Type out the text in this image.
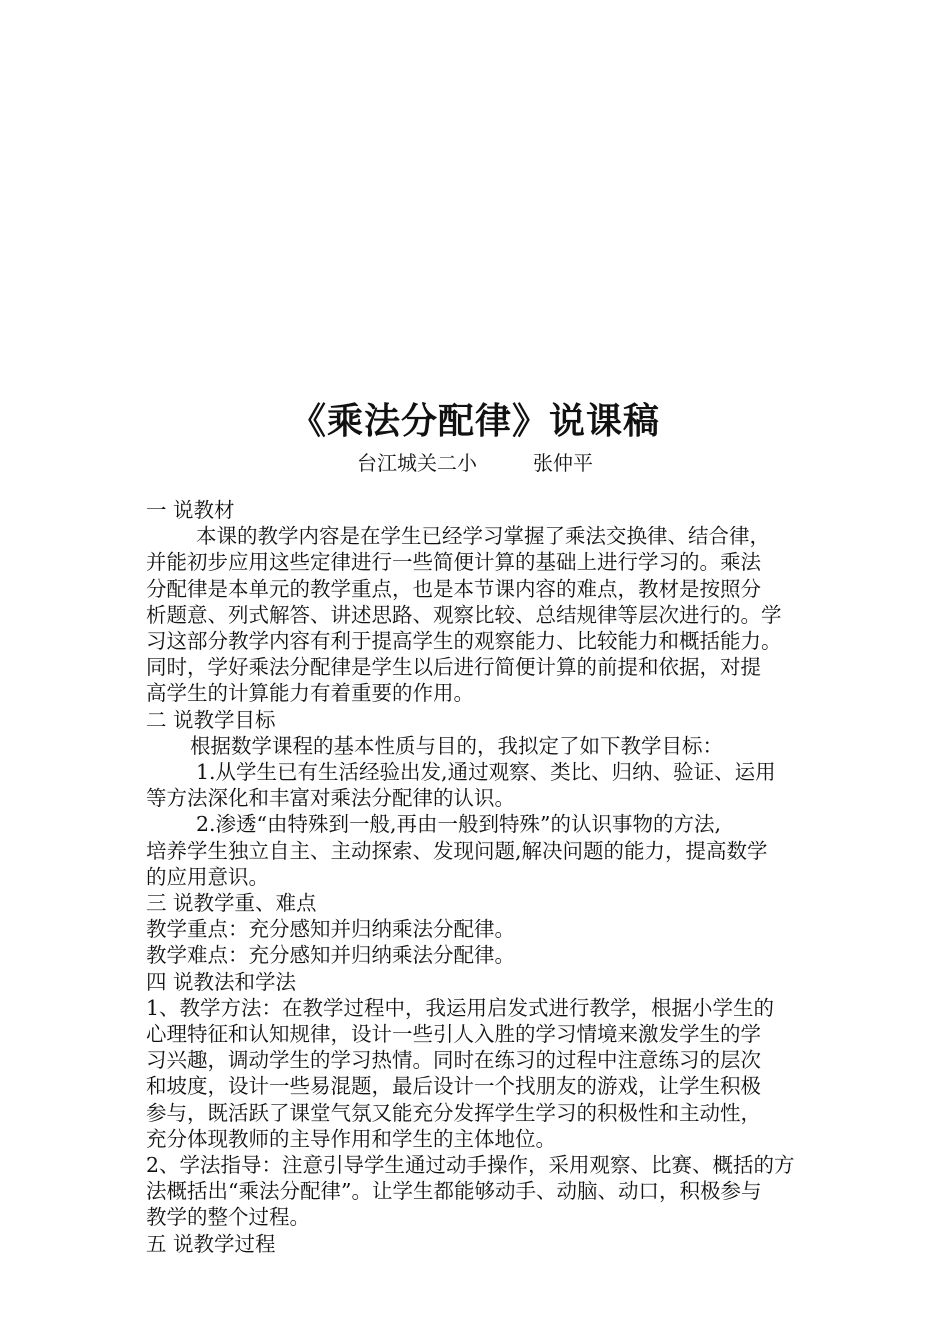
《乘法分配律》说课稿
台江城关二小	张仲平

一 说教材

本课的教学内容是在学生已经学习掌握了乘法交换律、结合律，

并能初步应用这些定律进行一些简便计算的基础上进行学习的。乘法

分配律是本单元的教学重点，也是本节课内容的难点，教材是按照分

析题意、列式解答、讲述思路、观察比较、总结规律等层次进行的。学

习这部分教学内容有利于提高学生的观察能力、比较能力和概括能力。

同时，学好乘法分配律是学生以后进行简便计算的前提和依据，对提

高学生的计算能力有着重要的作用。

二 说教学目标

根据数学课程的基本性质与目的，我拟定了如下教学目标：

1.从学生已有生活经验出发,通过观察、类比、归纳、验证、运用

等方法深化和丰富对乘法分配律的认识。

2.渗透“由特殊到一般,再由一般到特殊”的认识事物的方法,

培养学生独立自主、主动探索、发现问题,解决问题的能力，提高数学

的应用意识。

三 说教学重、难点

教学重点：充分感知并归纳乘法分配律。

教学难点：充分感知并归纳乘法分配律。

四 说教法和学法

1、教学方法：在教学过程中，我运用启发式进行教学，根据小学生的

心理特征和认知规律，设计一些引人入胜的学习情境来激发学生的学

习兴趣，调动学生的学习热情。同时在练习的过程中注意练习的层次

和坡度，设计一些易混题，最后设计一个找朋友的游戏，让学生积极

参与，既活跃了课堂气氛又能充分发挥学生学习的积极性和主动性，

充分体现教师的主导作用和学生的主体地位。

2、学法指导：注意引导学生通过动手操作，采用观察、比赛、概括的方

法概括出“乘法分配律”。让学生都能够动手、动脑、动口，积极参与

教学的整个过程。

五 说教学过程
